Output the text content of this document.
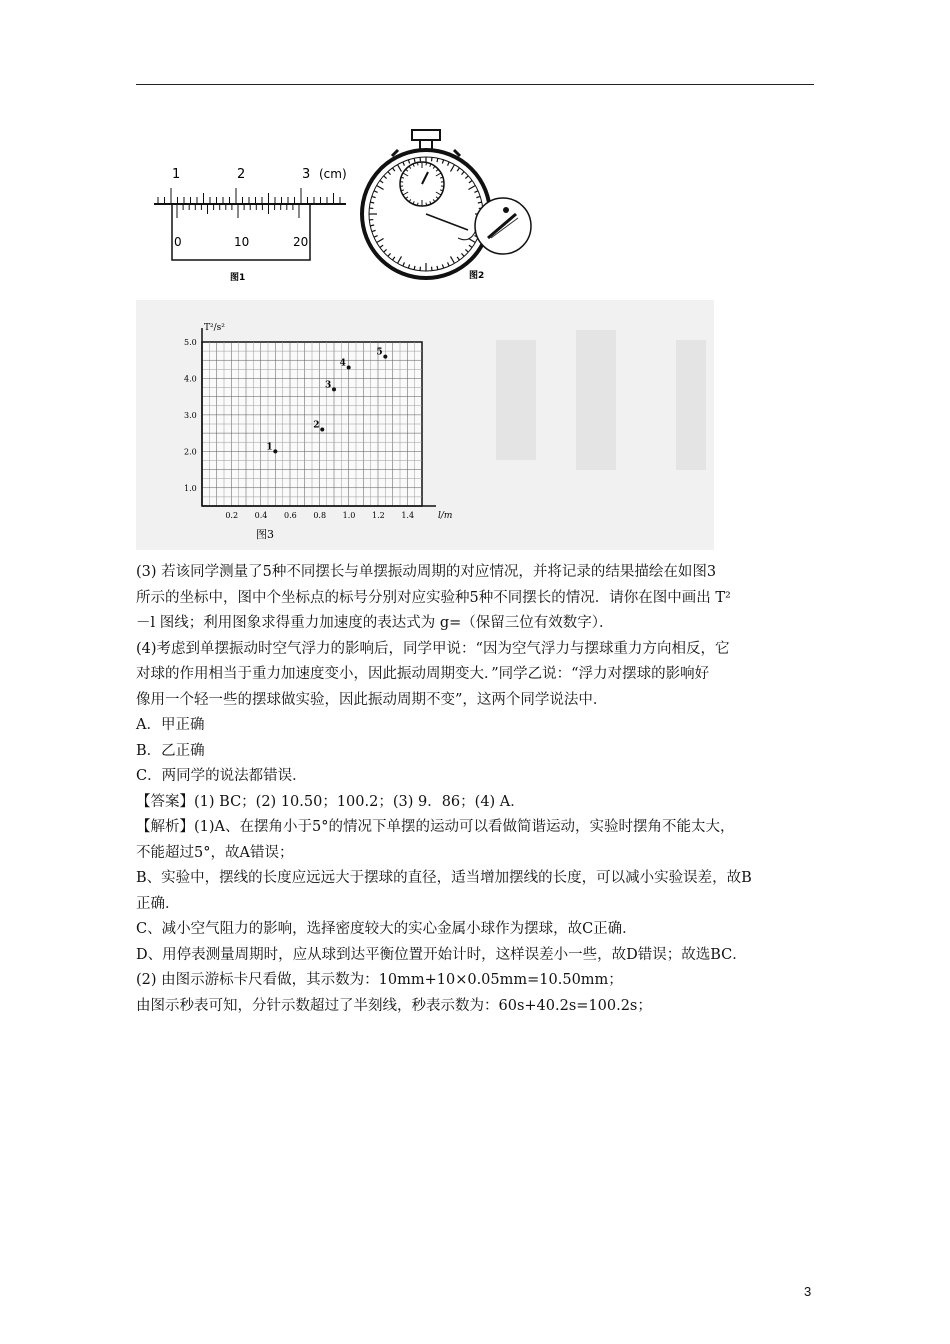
1	2	3 (cm)
0	10	20
图1	图2
T²/s²
l/m
5.0
4.0
3.0
2.0
1.0
0.2 0.4 0.6 0.8 1.0 1.2 1.4
1
2
3
4
5
图3

(3) 若该同学测量了5种不同摆长与单摆振动周期的对应情况，并将记录的结果描绘在如图3

所示的坐标中，图中个坐标点的标号分别对应实验种5种不同摆长的情况．请你在图中画出 T²

－l 图线；利用图象求得重力加速度的表达式为 g=（保留三位有效数字）．

(4)考虑到单摆振动时空气浮力的影响后，同学甲说：“因为空气浮力与摆球重力方向相反，它

对球的作用相当于重力加速度变小，因此振动周期变大．”同学乙说：“浮力对摆球的影响好

像用一个轻一些的摆球做实验，因此振动周期不变”，这两个同学说法中．

A．甲正确

B．乙正确

C．两同学的说法都错误．

【答案】(1) BC；(2) 10.50；100.2；(3) 9．86；(4) A．

【解析】(1)A、在摆角小于5°的情况下单摆的运动可以看做简谐运动，实验时摆角不能太大，

不能超过5°，故A错误；

B、实验中，摆线的长度应远远大于摆球的直径，适当增加摆线的长度，可以减小实验误差，故B

正确．

C、减小空气阻力的影响，选择密度较大的实心金属小球作为摆球，故C正确．

D、用停表测量周期时，应从球到达平衡位置开始计时，这样误差小一些，故D错误；故选BC．

(2) 由图示游标卡尺看做，其示数为：10mm+10×0.05mm=10.50mm；

由图示秒表可知，分针示数超过了半刻线，秒表示数为：60s+40.2s=100.2s；

3
